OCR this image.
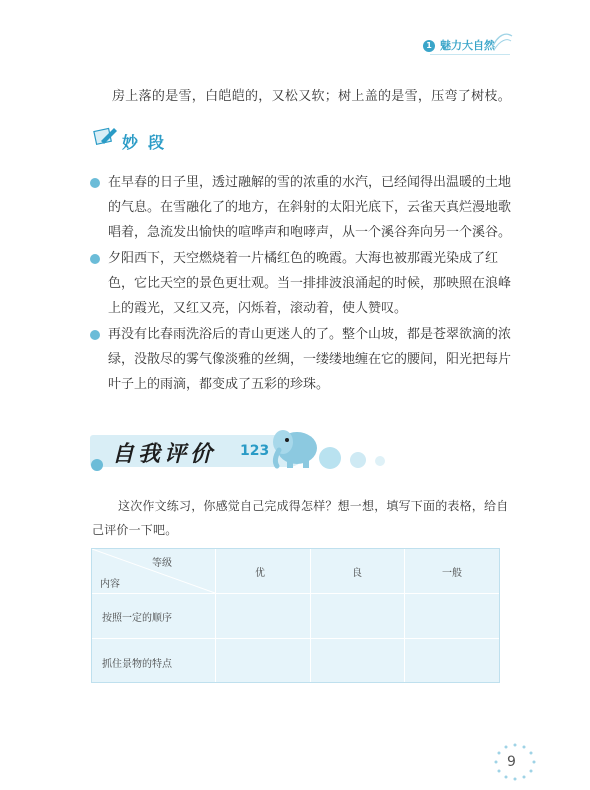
1 魅力大自然
房上落的是雪，白皑皑的，又松又软；树上盖的是雪，压弯了树枝。
妙段
在早春的日子里，透过融解的雪的浓重的水汽，已经闻得出温暖的土地的气息。在雪融化了的地方，在斜射的太阳光底下，云雀天真烂漫地歌唱着，急流发出愉快的喧哗声和咆哮声，从一个溪谷奔向另一个溪谷。
夕阳西下，天空燃烧着一片橘红色的晚霞。大海也被那霞光染成了红色，它比天空的景色更壮观。当一排排波浪涌起的时候，那映照在浪峰上的霞光，又红又亮，闪烁着，滚动着，使人赞叹。
再没有比春雨洗浴后的青山更迷人的了。整个山坡，都是苍翠欲滴的浓绿，没散尽的雾气像淡雅的丝绸，一缕缕地缠在它的腰间，阳光把每片叶子上的雨滴，都变成了五彩的珍珠。
自我评价 123
这次作文练习，你感觉自己完成得怎样？想一想，填写下面的表格，给自己评价一下吧。
等级
内容
优	良	一般
按照一定的顺序
抓住景物的特点
9
